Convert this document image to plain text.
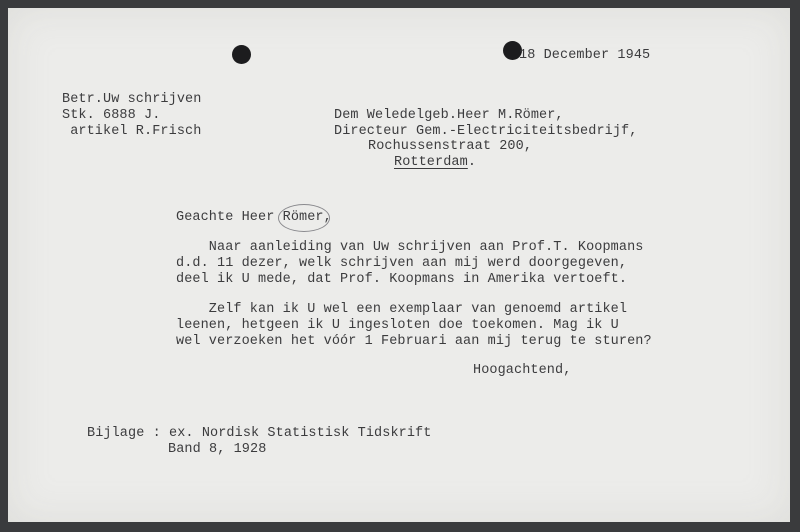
18 December 1945
Betr.Uw schrijven
Stk. 6888 J.
artikel R.Frisch
Dem Weledelgeb.Heer M.Römer,
Directeur Gem.-Electriciteitsbedrijf,
Rochussenstraat 200,
Rotterdam.
Geachte Heer Römer,
Naar aanleiding van Uw schrijven aan Prof.T. Koopmans
d.d. 11 dezer, welk schrijven aan mij werd doorgegeven,
deel ik U mede, dat Prof. Koopmans in Amerika vertoeft.
Zelf kan ik U wel een exemplaar van genoemd artikel
leenen, hetgeen ik U ingesloten doe toekomen. Mag ik U
wel verzoeken het vóór 1 Februari aan mij terug te sturen?
Hoogachtend,
Bijlage : ex. Nordisk Statistisk Tidskrift
Band 8, 1928
